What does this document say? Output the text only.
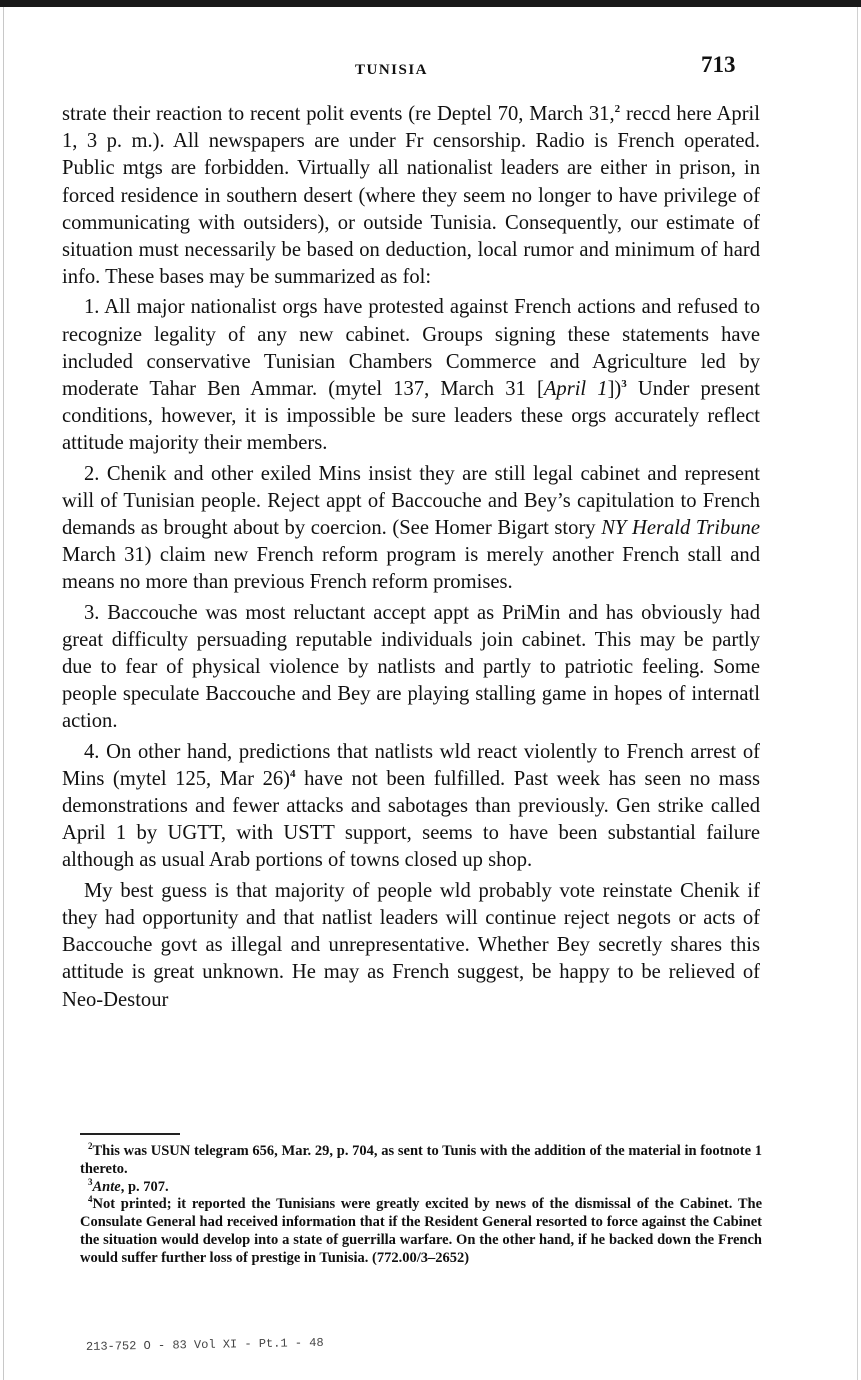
TUNISIA	713

strate their reaction to recent polit events (re Deptel 70, March 31,$^2$ reccd here April 1, 3 p. m.). All newspapers are under Fr censorship. Radio is French operated. Public mtgs are forbidden. Virtually all nationalist leaders are either in prison, in forced residence in southern desert (where they seem no longer to have privilege of communicating with outsiders), or outside Tunisia. Consequently, our estimate of situation must necessarily be based on deduction, local rumor and minimum of hard info. These bases may be summarized as fol:

1. All major nationalist orgs have protested against French actions and refused to recognize legality of any new cabinet. Groups signing these statements have included conservative Tunisian Chambers Commerce and Agriculture led by moderate Tahar Ben Ammar. (mytel 137, March 31 [April 1])$^3$ Under present conditions, however, it is impossible be sure leaders these orgs accurately reflect attitude majority their members.

2. Chenik and other exiled Mins insist they are still legal cabinet and represent will of Tunisian people. Reject appt of Baccouche and Bey’s capitulation to French demands as brought about by coercion. (See Homer Bigart story NY Herald Tribune March 31) claim new French reform program is merely another French stall and means no more than previous French reform promises.

3. Baccouche was most reluctant accept appt as PriMin and has obviously had great difficulty persuading reputable individuals join cabinet. This may be partly due to fear of physical violence by natlists and partly to patriotic feeling. Some people speculate Baccouche and Bey are playing stalling game in hopes of internatl action.

4. On other hand, predictions that natlists wld react violently to French arrest of Mins (mytel 125, Mar 26)$^4$ have not been fulfilled. Past week has seen no mass demonstrations and fewer attacks and sabotages than previously. Gen strike called April 1 by UGTT, with USTT support, seems to have been substantial failure although as usual Arab portions of towns closed up shop.

My best guess is that majority of people wld probably vote reinstate Chenik if they had opportunity and that natlist leaders will continue reject negots or acts of Baccouche govt as illegal and unrepresentative. Whether Bey secretly shares this attitude is great unknown. He may as French suggest, be happy to be relieved of Neo-Destour

$^2$This was USUN telegram 656, Mar. 29, p. 704, as sent to Tunis with the addition of the material in footnote 1 thereto.

$^3$Ante, p. 707.

$^4$Not printed; it reported the Tunisians were greatly excited by news of the dismissal of the Cabinet. The Consulate General had received information that if the Resident General resorted to force against the Cabinet the situation would develop into a state of guerrilla warfare. On the other hand, if he backed down the French would suffer further loss of prestige in Tunisia. (772.00/3–2652)

213-752 O - 83 Vol XI - Pt.1 - 48
